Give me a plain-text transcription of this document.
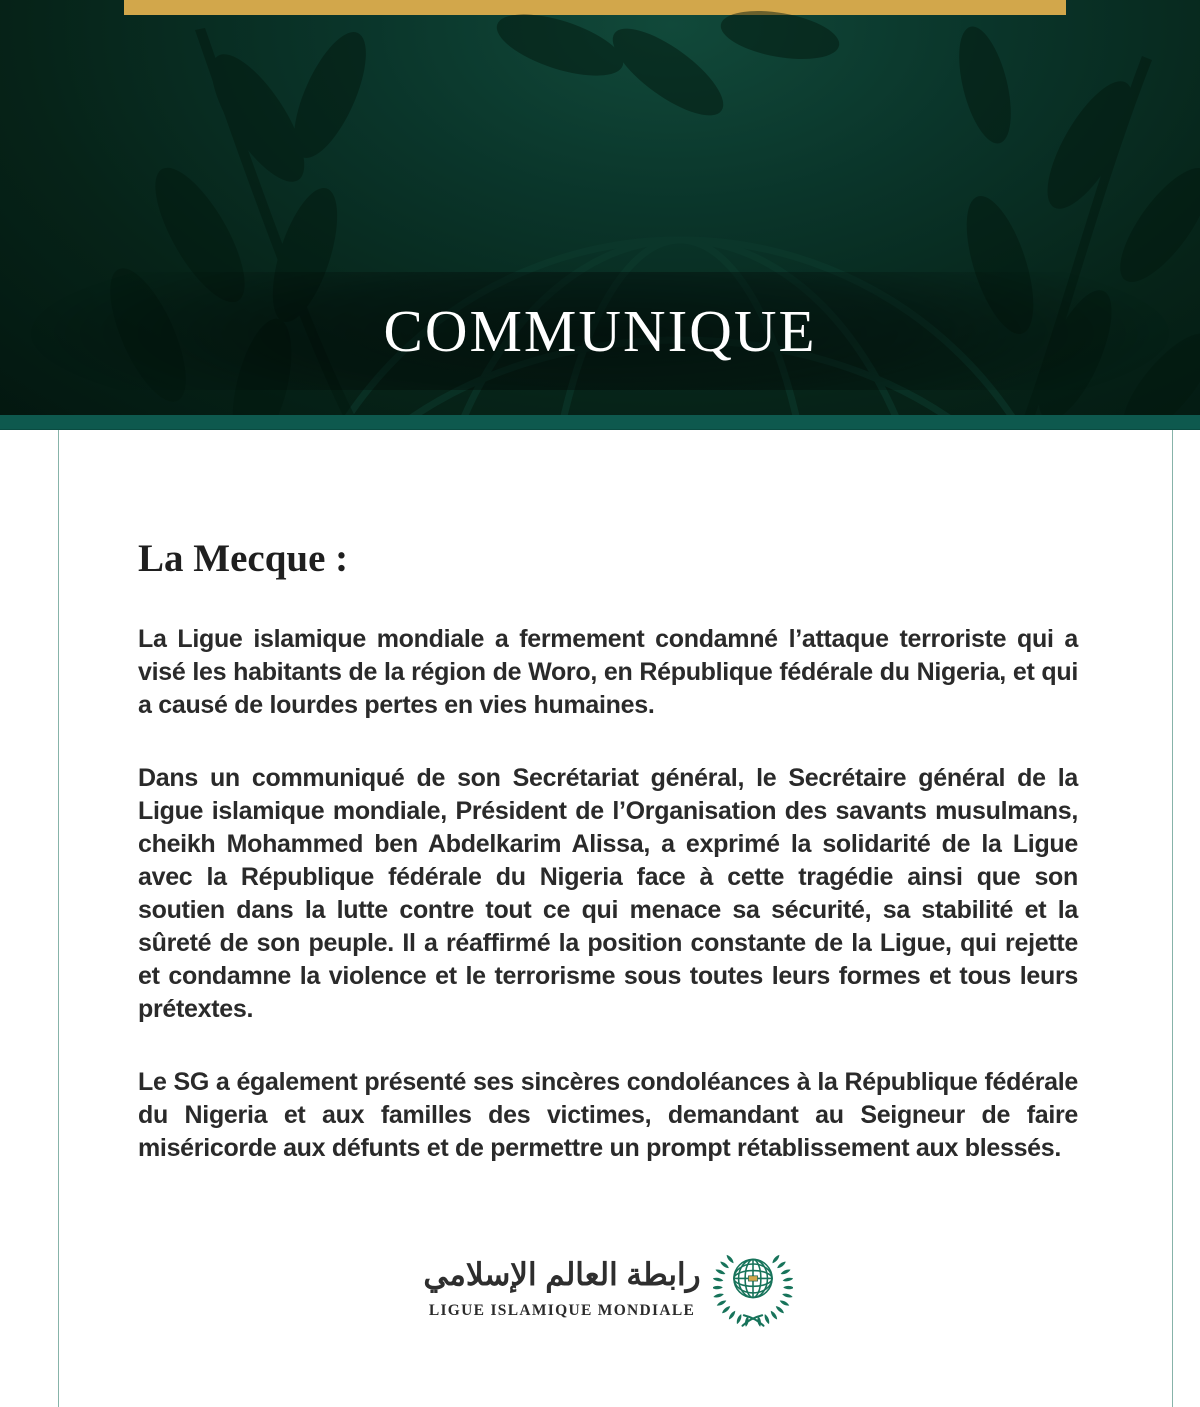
COMMUNIQUE
La Mecque :

La Ligue islamique mondiale a fermement condamné l’attaque terroriste qui a visé les habitants de la région de Woro, en République fédérale du Nigeria, et qui a causé de lourdes pertes en vies humaines.

Dans un communiqué de son Secrétariat général, le Secrétaire général de la Ligue islamique mondiale, Président de l’Organisation des savants musulmans, cheikh Mohammed ben Abdelkarim Alissa, a exprimé la solidarité de la Ligue avec la République fédérale du Nigeria face à cette tragédie ainsi que son soutien dans la lutte contre tout ce qui menace sa sécurité, sa stabilité et la sûreté de son peuple. Il a réaffirmé la position constante de la Ligue, qui rejette et condamne la violence et le terrorisme sous toutes leurs formes et tous leurs prétextes.

Le SG a également présenté ses sincères condoléances à la République fédérale du Nigeria et aux familles des victimes, demandant au Seigneur de faire miséricorde aux défunts et de permettre un prompt rétablissement aux blessés.

رابطة العالم الإسلامي
LIGUE ISLAMIQUE MONDIALE
